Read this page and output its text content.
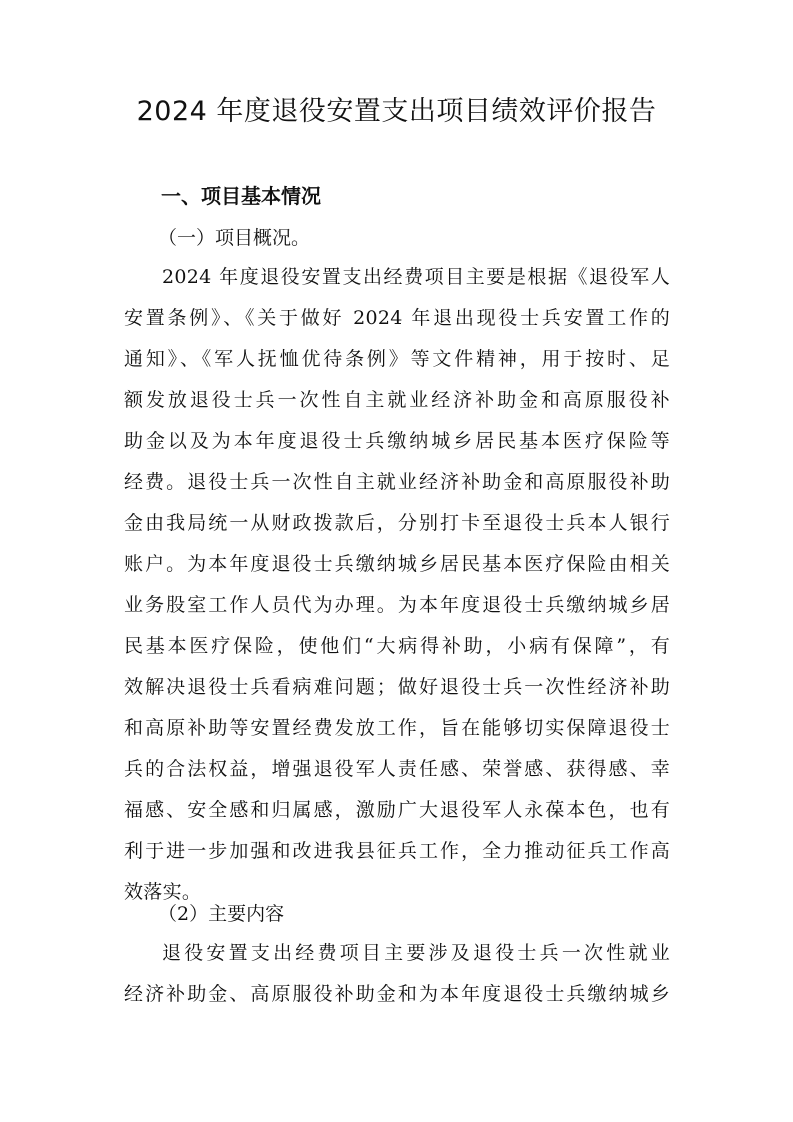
2024 年度退役安置支出项目绩效评价报告
一、项目基本情况
（一）项目概况。
2024 年度退役安置支出经费项目主要是根据《退役军人
安置条例》、《关于做好 2024 年退出现役士兵安置工作的
通知》、《军人抚恤优待条例》等文件精神，用于按时、足
额发放退役士兵一次性自主就业经济补助金和高原服役补
助金以及为本年度退役士兵缴纳城乡居民基本医疗保险等
经费。退役士兵一次性自主就业经济补助金和高原服役补助
金由我局统一从财政拨款后，分别打卡至退役士兵本人银行
账户。为本年度退役士兵缴纳城乡居民基本医疗保险由相关
业务股室工作人员代为办理。为本年度退役士兵缴纳城乡居
民基本医疗保险，使他们“大病得补助，小病有保障”，有
效解决退役士兵看病难问题；做好退役士兵一次性经济补助
和高原补助等安置经费发放工作，旨在能够切实保障退役士
兵的合法权益，增强退役军人责任感、荣誉感、获得感、幸
福感、安全感和归属感，激励广大退役军人永葆本色，也有
利于进一步加强和改进我县征兵工作，全力推动征兵工作高
效落实。
（2）主要内容
退役安置支出经费项目主要涉及退役士兵一次性就业
经济补助金、高原服役补助金和为本年度退役士兵缴纳城乡
